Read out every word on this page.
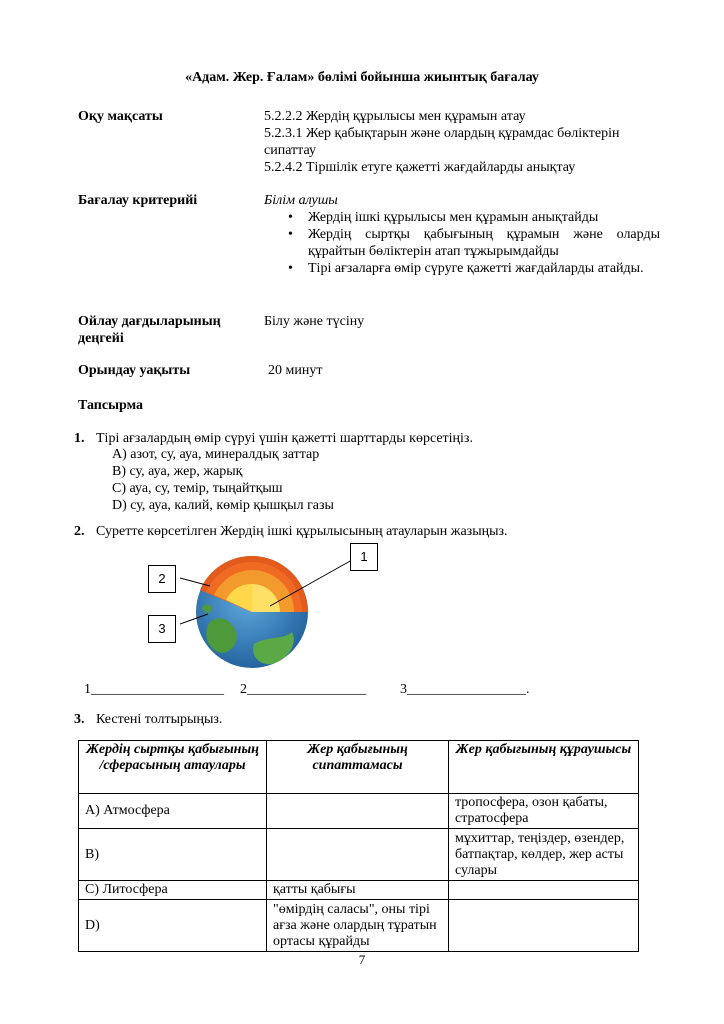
«Адам. Жер. Ғалам» бөлімі бойынша жиынтық бағалау
Оқу мақсаты	5.2.2.2 Жердің құрылысы мен құрамын атау
5.2.3.1 Жер қабықтарын және олардың құрамдас бөліктерін сипаттау
5.2.4.2 Тіршілік етуге қажетті жағдайларды анықтау
Бағалау критерийі	Білім алушы
• Жердің ішкі құрылысы мен құрамын анықтайды
• Жердің сыртқы қабығының құрамын және оларды құрайтын бөліктерін атап тұжырымдайды
• Тірі ағзаларға өмір сүруге қажетті жағдайларды атайды.
Ойлау дағдыларының деңгейі
Білу және түсіну
Орындау уақыты	20 минут
Тапсырма
1. Тірі ағзалардың өмір сүруі үшін қажетті шарттарды көрсетіңіз.
A) азот, су, ауа, минералдық заттар
B) су, ауа, жер, жарық
C) ауа, су, темір, тыңайтқыш
D) су, ауа, калий, көмір қышқыл газы
2. Суретте көрсетілген Жердің ішкі құрылысының атауларын жазыңыз.
1
2
3
1___________________ 2_________________ 3_________________.
3. Кестені толтырыңыз.
Жердің сыртқы қабығының /сферасының атаулары	Жер қабығының сипаттамасы	Жер қабығының құраушысы
A) Атмосфера		тропосфера, озон қабаты, стратосфера
B)		мұхиттар, теңіздер, өзендер, батпақтар, көлдер, жер асты сулары
C) Литосфера	қатты қабығы	
D)	"өмірдің саласы", оны тірі ағза және олардың тұратын ортасы құрайды	
7
